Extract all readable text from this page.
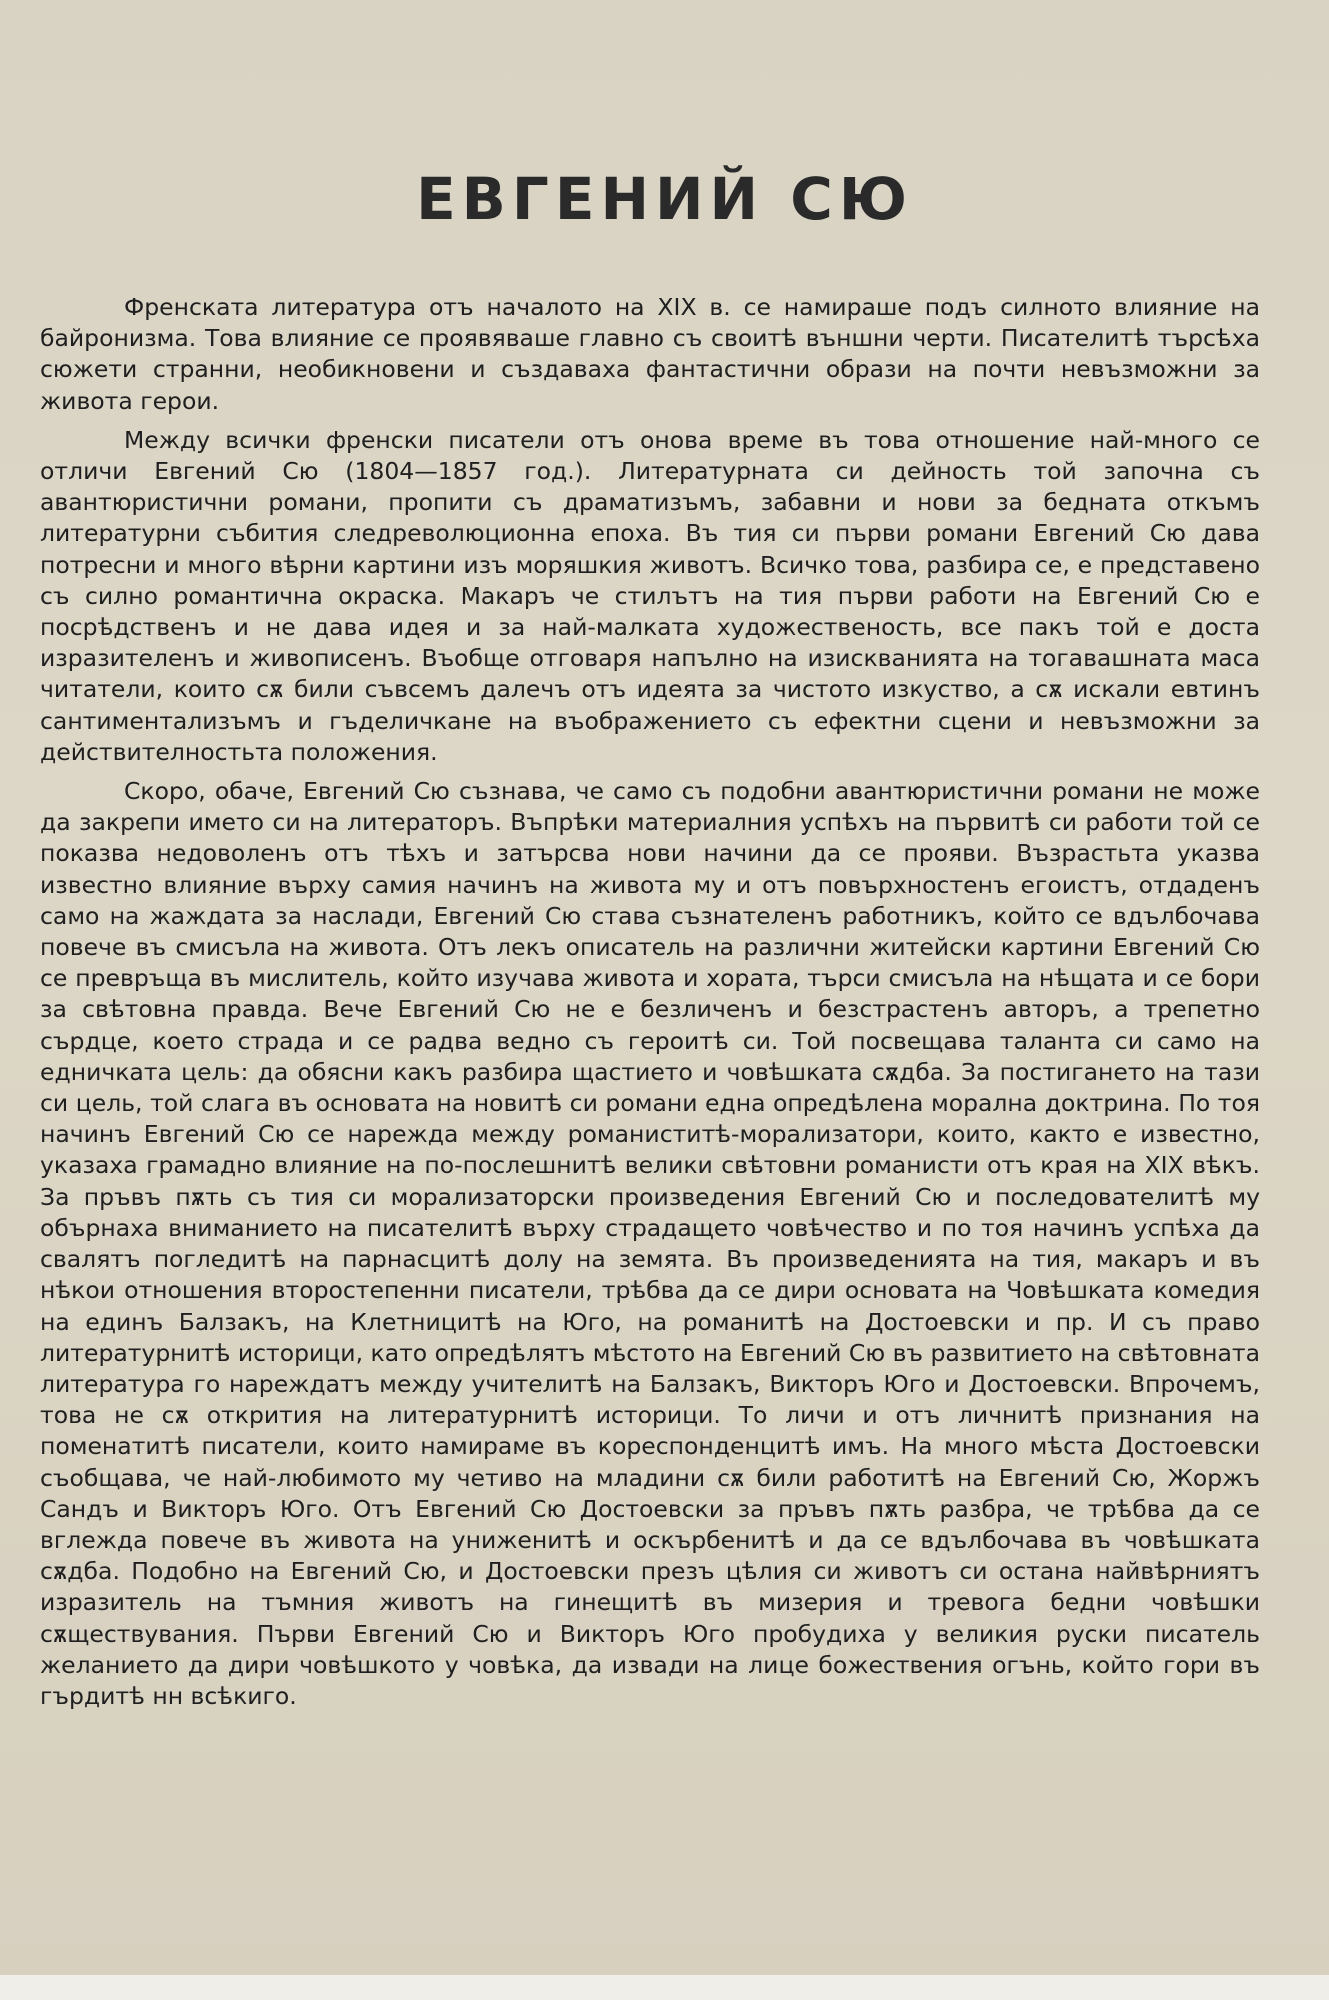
ЕВГЕНИЙ СЮ

Френската литература отъ началото на XIX в. се намираше подъ силното влияние на байронизма. Това влияние се проявяваше главно съ своитѣ външни черти. Писателитѣ търсѣха сюжети странни, необикновени и създаваха фантастични образи на почти невъзможни за живота герои.

Между всички френски писатели отъ онова време въ това отношение най-много се отличи Евгений Сю (1804—1857 год.). Литературната си дейность той започна съ авантюристични романи, пропити съ драматизъмъ, забавни и нови за бедната откъмъ литературни събития следреволюционна епоха. Въ тия си първи романи Евгений Сю дава потресни и много вѣрни картини изъ моряшкия животъ. Всичко това, разбира се, е представено съ силно романтична окраска. Макаръ че стилътъ на тия първи работи на Евгений Сю е посрѣдственъ и не дава идея и за най-малката художественость, все пакъ той е доста изразителенъ и живописенъ. Въобще отговаря напълно на изискванията на тогавашната маса читатели, които сѫ били съвсемъ далечъ отъ идеята за чистото изкуство, а сѫ искали евтинъ сантиментализъмъ и гъделичкане на въображението съ ефектни сцени и невъзможни за действителностьта положения.

Скоро, обаче, Евгений Сю съзнава, че само съ подобни авантюристични романи не може да закрепи името си на литераторъ. Въпрѣки материалния успѣхъ на първитѣ си работи той се показва недоволенъ отъ тѣхъ и затърсва нови начини да се прояви. Възрастьта указва известно влияние върху самия начинъ на живота му и отъ повърхностенъ егоистъ, отдаденъ само на жаждата за наслади, Евгений Сю става съзнателенъ работникъ, който се вдълбочава повече въ смисъла на живота. Отъ лекъ описатель на различни житейски картини Евгений Сю се превръща въ мислитель, който изучава живота и хората, търси смисъла на нѣщата и се бори за свѣтовна правда. Вече Евгений Сю не е безличенъ и безстрастенъ авторъ, а трепетно сърдце, което страда и се радва ведно съ героитѣ си. Той посвещава таланта си само на едничката цель: да обясни какъ разбира щастието и човѣшката сѫдба. За постигането на тази си цель, той слага въ основата на новитѣ си романи една опредѣлена морална доктрина. По тоя начинъ Евгений Сю се нарежда между романиститѣ-морализатори, които, както е известно, указаха грамадно влияние на по-послешнитѣ велики свѣтовни романисти отъ края на XIX вѣкъ. За пръвъ пѫть съ тия си морализаторски произведения Евгений Сю и последователитѣ му обърнаха вниманието на писателитѣ върху страдащето човѣчество и по тоя начинъ успѣха да свалятъ погледитѣ на парнасцитѣ долу на земята. Въ произведенията на тия, макаръ и въ нѣкои отношения второстепенни писатели, трѣбва да се дири основата на Човѣшката комедия на единъ Балзакъ, на Клетницитѣ на Юго, на романитѣ на Достоевски и пр. И съ право литературнитѣ историци, като опредѣлятъ мѣстото на Евгений Сю въ развитието на свѣтовната литература го нареждатъ между учителитѣ на Балзакъ, Викторъ Юго и Достоевски. Впрочемъ, това не сѫ открития на литературнитѣ историци. То личи и отъ личнитѣ признания на поменатитѣ писатели, които намираме въ кореспонденцитѣ имъ. На много мѣста Достоевски съобщава, че най-любимото му четиво на младини сѫ били работитѣ на Евгений Сю, Жоржъ Сандъ и Викторъ Юго. Отъ Евгений Сю Достоевски за пръвъ пѫть разбра, че трѣбва да се вглежда повече въ живота на униженитѣ и оскърбенитѣ и да се вдълбочава въ човѣшката сѫдба. Подобно на Евгений Сю, и Достоевски презъ цѣлия си животъ си остана найвѣрниятъ изразитель на тъмния животъ на гинещитѣ въ мизерия и тревога бедни човѣшки сѫществувания. Първи Евгений Сю и Викторъ Юго пробудиха у великия руски писатель желанието да дири човѣшкото у човѣка, да извади на лице божествения огънь, който гори въ гърдитѣ нн всѣкиго.
